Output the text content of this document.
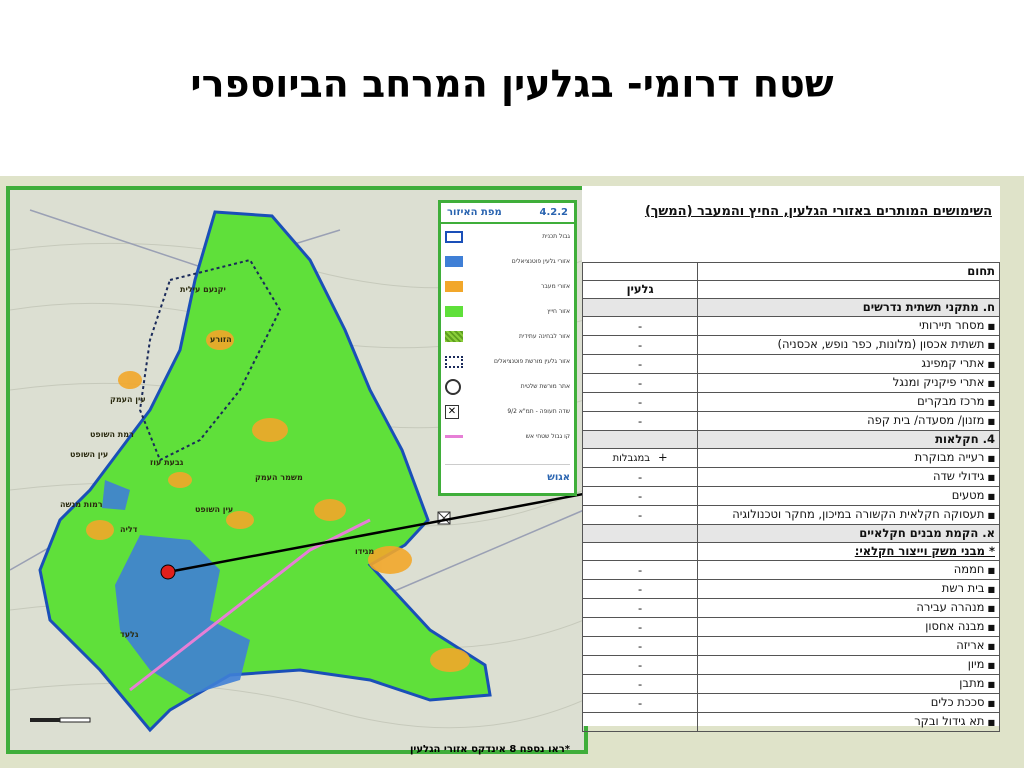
שטח דרומי- בגלעין המרחב הביוספרי
יקנעם עילית
הזורע
עין העמק
גבעת עוז
רמות מנשה
דליה
משמר העמק
מגידו
עין השופט
גלעד
רמת השופט
עין השופט
4.2.2
מפת האיזור
גבול תכנית
אזורי גלעין פוטנציאלים
אזורי מעבר
אזור חייץ
אזור לבחינה עתידית
אזור גלעין מורשת פוטנציאלים
אתר מורשת שלטית
שדה תעופה - תמ"א 9/2
✕
קו גבול שטחי אש
אגוש
*ראו נספח 8 אינדקס אזורי הגלעין
השימושים המותרים באזורי הגלעין, החיץ והמעבר (המשך)
תחום	
	גלעין
ח. מתקני תשתית נדרשים	
■מסחר תיירותי	-
■תשתית אכסון (מלונות, כפר נופש, אכסניה)	-
■אתרי קמפינג	-
■אתרי פיקניק ומנגל	-
■מרכז מבקרים	-
■מזנון/ מסעדה/ בית קפה	-
4. חקלאות	
■רעייה מבוקרת	+במגבלות
■גידולי שדה	-
■מטעים	-
■תעסוקה חקלאית הקשורה במיכון, מחקר וטכנולוגיה	-
א. הקמת מבנים חקלאיים	
* מבני משק וייצור חקלאי:	
■חממה	-
■בית רשת	-
■מנהרה עבירה	-
■מבנה אחסון	-
■אריזה	-
■מיון	-
■מתבן	-
■סככת כלים	-
■תא גידול ובקר	
